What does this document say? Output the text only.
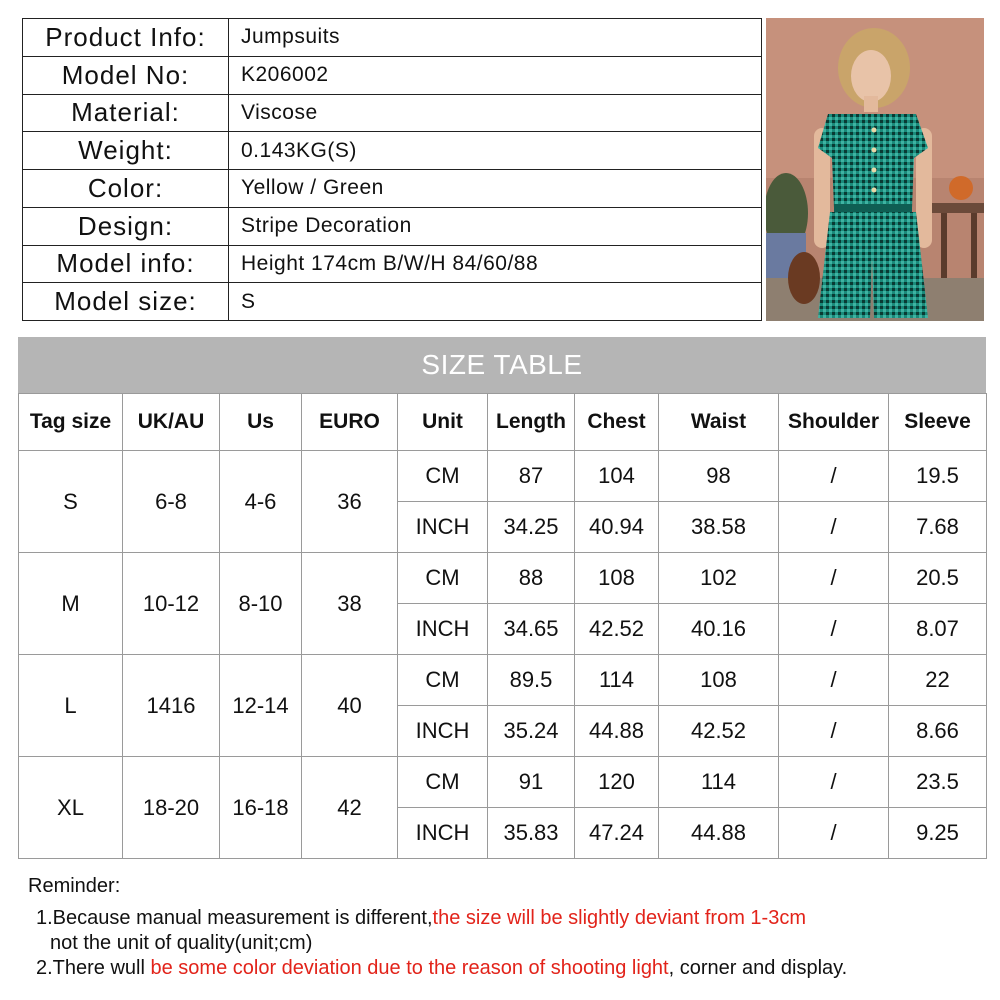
Product Info:	Jumpsuits
Model No:	K206002
Material:	Viscose
Weight:	0.143KG(S)
Color:	Yellow / Green
Design:	Stripe Decoration
Model info:	Height 174cm B/W/H 84/60/88
Model size:	S
SIZE TABLE
Tag size	UK/AU	Us	EURO	Unit	Length	Chest	Waist	Shoulder	Sleeve
S	6-8	4-6	36	CM	87	104	98	/	19.5
				INCH	34.25	40.94	38.58	/	7.68
M	10-12	8-10	38	CM	88	108	102	/	20.5
				INCH	34.65	42.52	40.16	/	8.07
L	1416	12-14	40	CM	89.5	114	108	/	22
				INCH	35.24	44.88	42.52	/	8.66
XL	18-20	16-18	42	CM	91	120	114	/	23.5
				INCH	35.83	47.24	44.88	/	9.25
Reminder:
1.Because manual measurement is different,the size will be slightly deviant from 1-3cm
not the unit of quality(unit;cm)
2.There wull be some color deviation due to the reason of shooting light, corner and display.
